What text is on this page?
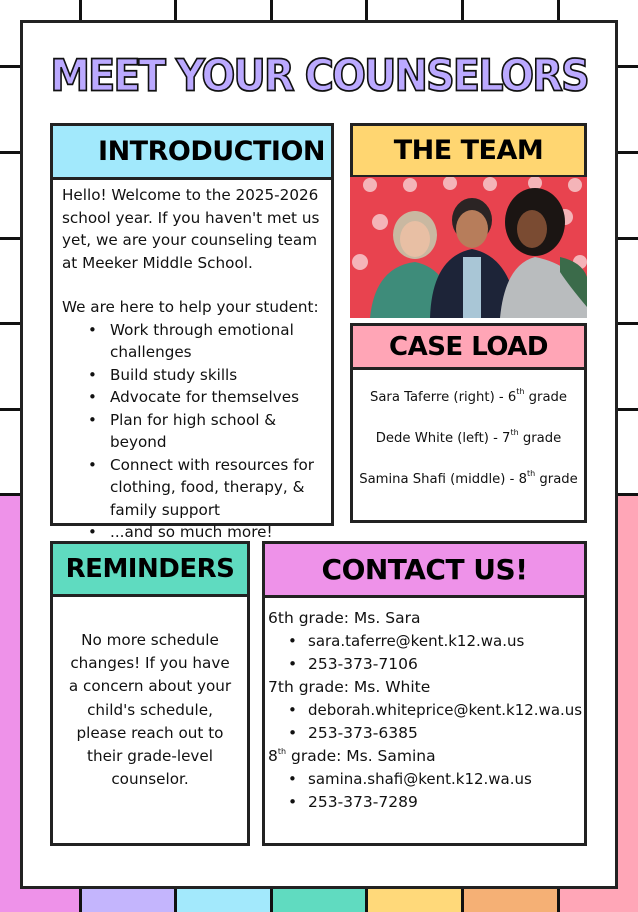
MEET YOUR COUNSELORS
INTRODUCTION
Hello! Welcome to the 2025-2026 school year. If you haven't met us yet, we are your counseling team at Meeker Middle School.
We are here to help your student:
• Work through emotional challenges
• Build study skills
• Advocate for themselves
• Plan for high school & beyond
• Connect with resources for clothing, food, therapy, & family support
• ...and so much more!
THE TEAM
CASE LOAD
Sara Taferre (right) - 6th grade
Dede White (left) - 7th grade
Samina Shafi (middle) - 8th grade
REMINDERS
No more schedule changes! If you have a concern about your child's schedule, please reach out to their grade-level counselor.
CONTACT US!
6th grade: Ms. Sara
• sara.taferre@kent.k12.wa.us
• 253-373-7106
7th grade: Ms. White
• deborah.whiteprice@kent.k12.wa.us
• 253-373-6385
8th grade: Ms. Samina
• samina.shafi@kent.k12.wa.us
• 253-373-7289
